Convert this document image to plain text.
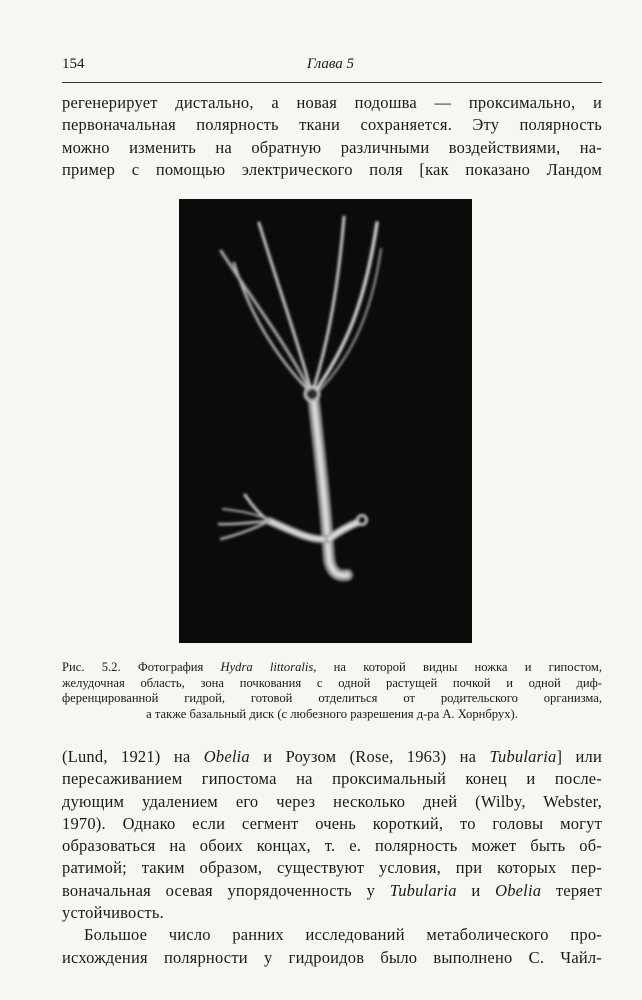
154	Глава 5
регенерирует дистально, а новая подошва — проксимально, и
первоначальная полярность ткани сохраняется. Эту полярность
можно изменить на обратную различными воздействиями, на-
пример с помощью электрического поля [как показано Ландом
Рис. 5.2. Фотография Hydra littoralis, на которой видны ножка и гипостом,
желудочная область, зона почкования с одной растущей почкой и одной диф-
ференцированной гидрой, готовой отделиться от родительского организма,
а также базальный диск (с любезного разрешения д-ра А. Хорнбрух).
(Lund, 1921) на Obelia и Роузом (Rose, 1963) на Tubularia] или
пересаживанием гипостома на проксимальный конец и после-
дующим удалением его через несколько дней (Wilby, Webster,
1970). Однако если сегмент очень короткий, то головы могут
образоваться на обоих концах, т. е. полярность может быть об-
ратимой; таким образом, существуют условия, при которых пер-
воначальная осевая упорядоченность у Tubularia и Obelia теряет
устойчивость.
Большое число ранних исследований метаболического про-
исхождения полярности у гидроидов было выполнено С. Чайл-
